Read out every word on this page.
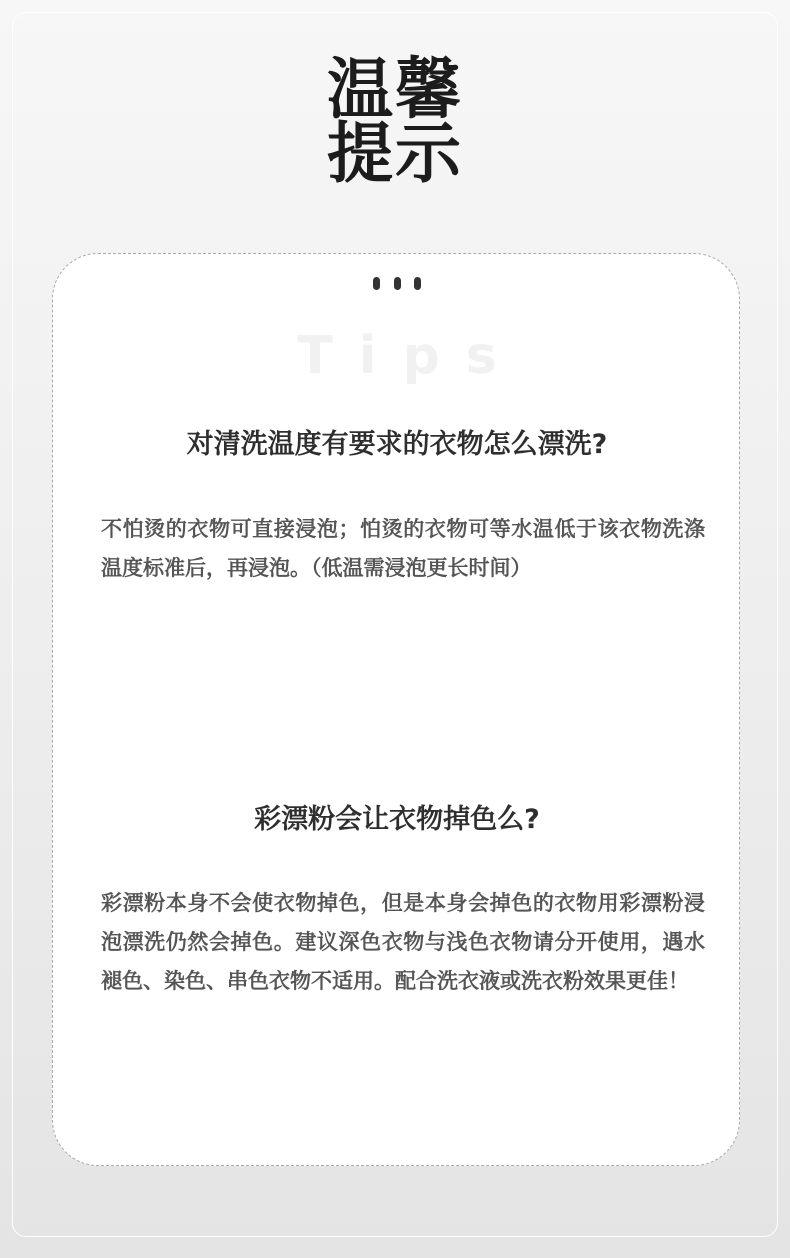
温馨
提示
Tips
对清洗温度有要求的衣物怎么漂洗?
不怕烫的衣物可直接浸泡；怕烫的衣物可等水温低于该衣物洗涤温度标准后，再浸泡。（低温需浸泡更长时间）
彩漂粉会让衣物掉色么?
彩漂粉本身不会使衣物掉色，但是本身会掉色的衣物用彩漂粉浸泡漂洗仍然会掉色。建议深色衣物与浅色衣物请分开使用，遇水褪色、染色、串色衣物不适用。配合洗衣液或洗衣粉效果更佳！
